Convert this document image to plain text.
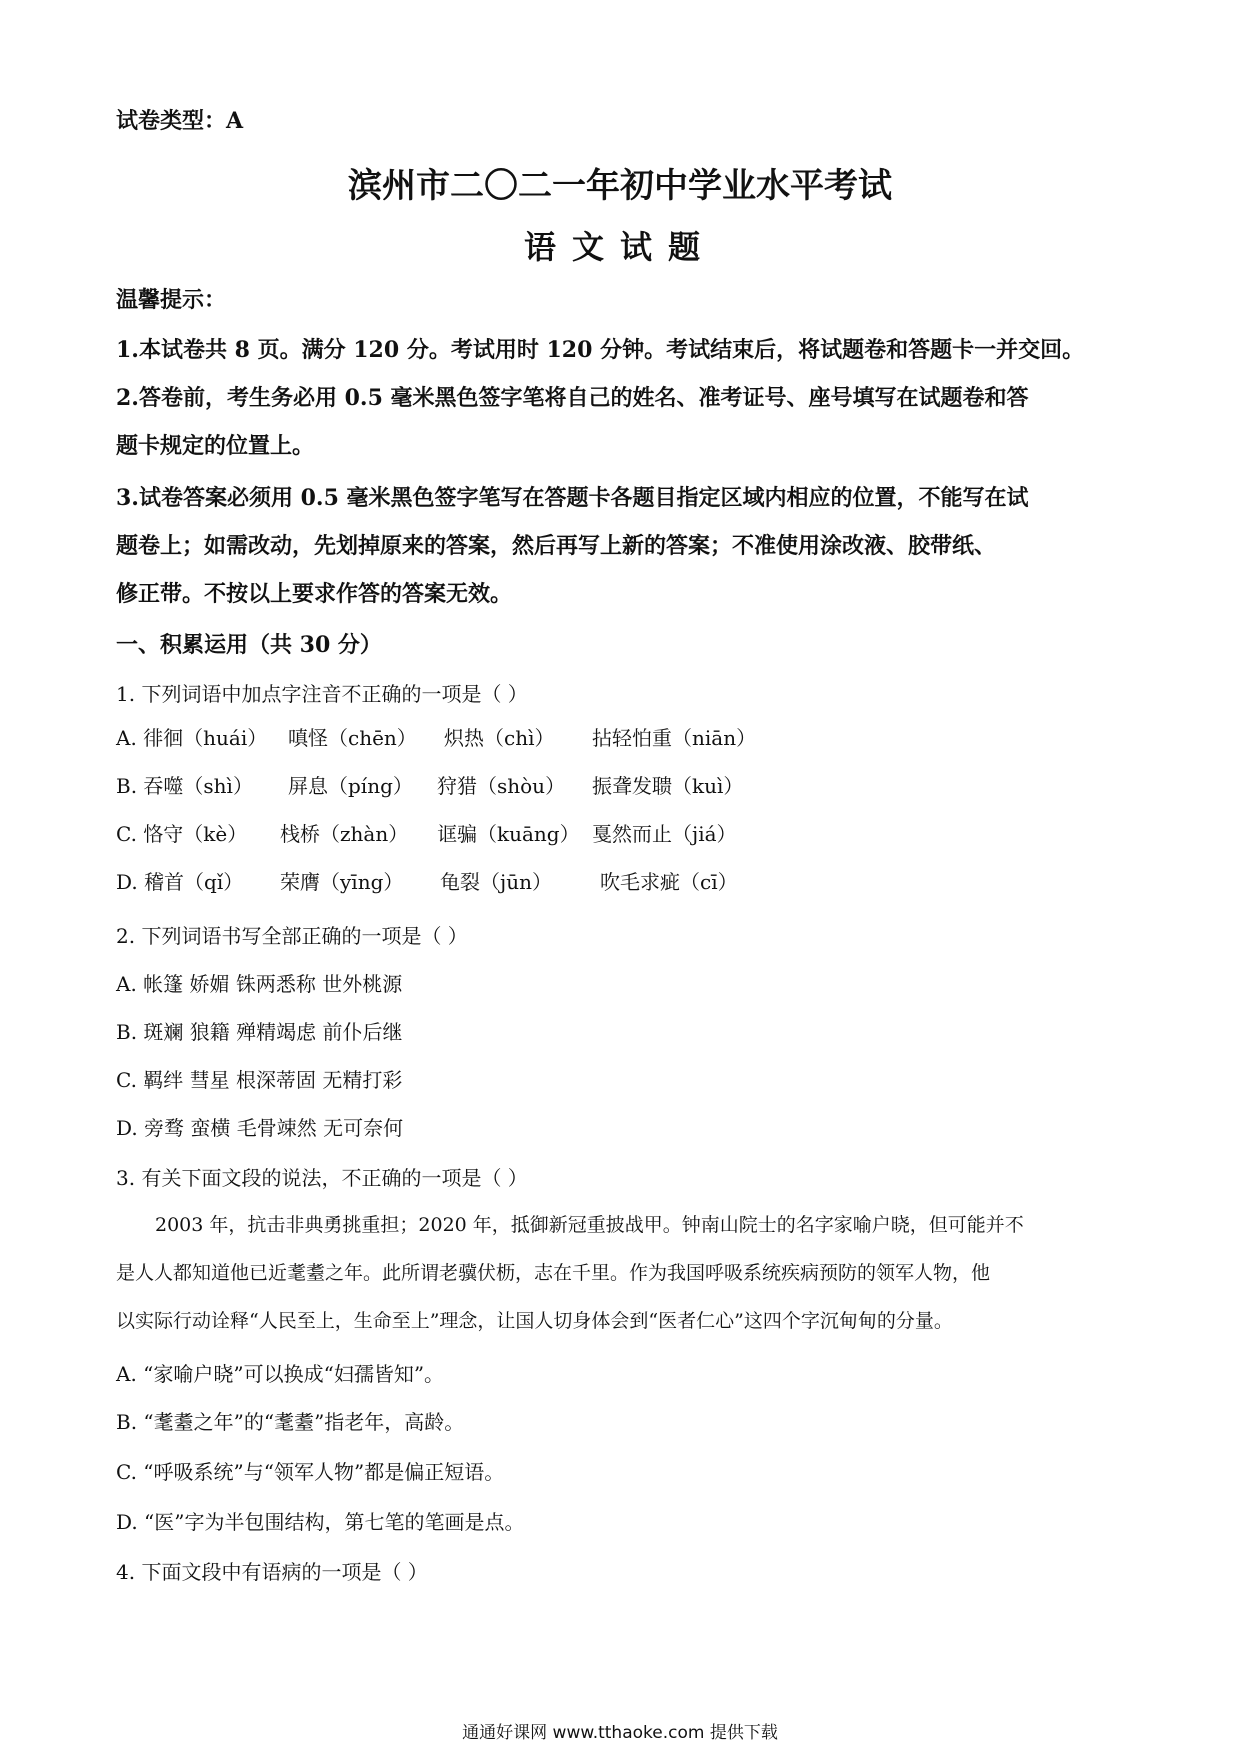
试卷类型：A
滨州市二〇二一年初中学业水平考试
语文试题
温馨提示：
1.本试卷共 8 页。满分 120 分。考试用时 120 分钟。考试结束后，将试题卷和答题卡一并交回。
2.答卷前，考生务必用 0.5 毫米黑色签字笔将自己的姓名、准考证号、座号填写在试题卷和答
题卡规定的位置上。
3.试卷答案必须用 0.5 毫米黑色签字笔写在答题卡各题目指定区域内相应的位置，不能写在试
题卷上；如需改动，先划掉原来的答案，然后再写上新的答案；不准使用涂改液、胶带纸、
修正带。不按以上要求作答的答案无效。
一、积累运用（共 30 分）
1. 下列词语中加点字注音不正确的一项是（ ）
A. 徘徊（huái） 嗔怪（chēn） 炽热（chì） 拈轻怕重（niān）
B. 吞噬（shì） 屏息（píng） 狩猎（shòu） 振聋发聩（kuì）
C. 恪守（kè） 栈桥（zhàn） 诓骗（kuāng） 戛然而止（jiá）
D. 稽首（qǐ） 荣膺（yīng） 龟裂（jūn） 吹毛求疵（cī）
2. 下列词语书写全部正确的一项是（ ）
A. 帐篷 娇媚 铢两悉称 世外桃源
B. 斑斓 狼籍 殚精竭虑 前仆后继
C. 羁绊 彗星 根深蒂固 无精打彩
D. 旁骛 蛮横 毛骨竦然 无可奈何
3. 有关下面文段的说法，不正确的一项是（ ）
2003 年，抗击非典勇挑重担；2020 年，抵御新冠重披战甲。钟南山院士的名字家喻户晓，但可能并不
是人人都知道他已近耄耋之年。此所谓老骥伏枥，志在千里。作为我国呼吸系统疾病预防的领军人物，他
以实际行动诠释“人民至上，生命至上”理念，让国人切身体会到“医者仁心”这四个字沉甸甸的分量。
A. “家喻户晓”可以换成“妇孺皆知”。
B. “耄耋之年”的“耄耋”指老年，高龄。
C. “呼吸系统”与“领军人物”都是偏正短语。
D. “医”字为半包围结构，第七笔的笔画是点。
4. 下面文段中有语病的一项是（ ）
通通好课网 www.tthaoke.com 提供下载
